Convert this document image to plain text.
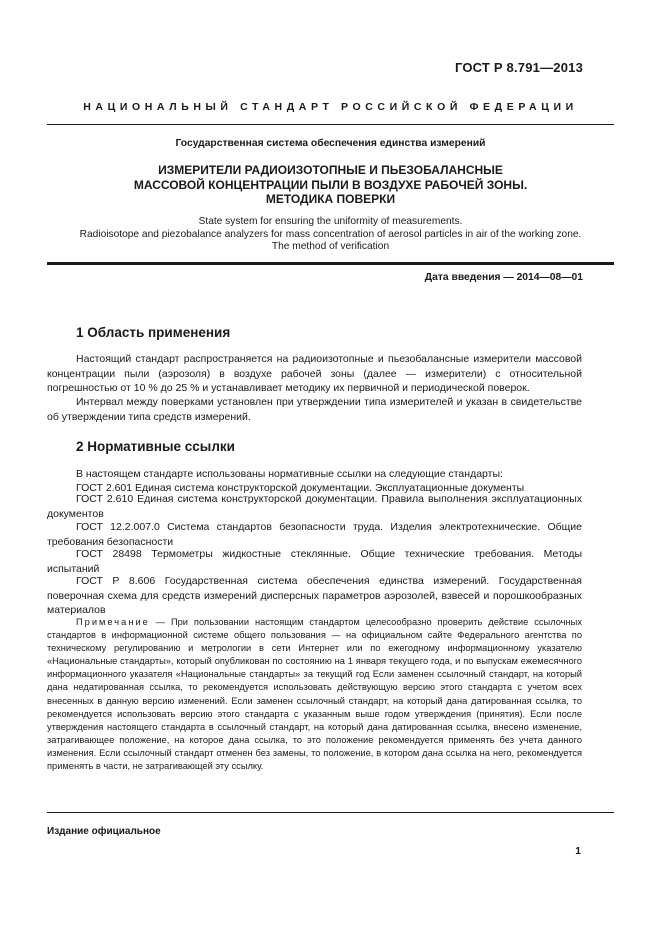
ГОСТ Р 8.791—2013
НАЦИОНАЛЬНЫЙ СТАНДАРТ РОССИЙСКОЙ ФЕДЕРАЦИИ
Государственная система обеспечения единства измерений
ИЗМЕРИТЕЛИ РАДИОИЗОТОПНЫЕ И ПЬЕЗОБАЛАНСНЫЕ
МАССОВОЙ КОНЦЕНТРАЦИИ ПЫЛИ В ВОЗДУХЕ РАБОЧЕЙ ЗОНЫ.
МЕТОДИКА ПОВЕРКИ
State system for ensuring the uniformity of measurements.
Radioisotope and piezobalance analyzers for mass concentration of aerosol particles in air of the working zone.
The method of verification
Дата введения — 2014—08—01
1 Область применения
Настоящий стандарт распространяется на радиоизотопные и пьезобалансные измерители массовой концентрации пыли (аэрозоля) в воздухе рабочей зоны (далее — измерители) с относительной погрешностью от 10 % до 25 % и устанавливает методику их первичной и периодической поверок.
Интервал между поверками установлен при утверждении типа измерителей и указан в свидетельстве об утверждении типа средств измерений.
2 Нормативные ссылки
В настоящем стандарте использованы нормативные ссылки на следующие стандарты:
ГОСТ 2.601 Единая система конструкторской документации. Эксплуатационные документы
ГОСТ 2.610 Единая система конструкторской документации. Правила выполнения эксплуатационных документов
ГОСТ 12.2.007.0 Система стандартов безопасности труда. Изделия электротехнические. Общие требования безопасности
ГОСТ 28498 Термометры жидкостные стеклянные. Общие технические требования. Методы испытаний
ГОСТ Р 8.606 Государственная система обеспечения единства измерений. Государственная поверочная схема для средств измерений дисперсных параметров аэрозолей, взвесей и порошкообразных материалов
Примечание — При пользовании настоящим стандартом целесообразно проверить действие ссылочных стандартов в информационной системе общего пользования — на официальном сайте Федерального агентства по техническому регулированию и метрологии в сети Интернет или по ежегодному информационному указателю «Национальные стандарты», который опубликован по состоянию на 1 января текущего года, и по выпускам ежемесячного информационного указателя «Национальные стандарты» за текущий год Если заменен ссылочный стандарт, на который дана недатированная ссылка, то рекомендуется использовать действующую версию этого стандарта с учетом всех внесенных в данную версию изменений. Если заменен ссылочный стандарт, на который дана датированная ссылка, то рекомендуется использовать версию этого стандарта с указанным выше годом утверждения (принятия). Если после утверждения настоящего стандарта в ссылочный стандарт, на который дана датированная ссылка, внесено изменение, затрагивающее положение, на которое дана ссылка, то это положение рекомендуется применять без учета данного изменения. Если ссылочный стандарт отменен без замены, то положение, в котором дана ссылка на него, рекомендуется применять в части, не затрагивающей эту ссылку.
Издание официальное
1
